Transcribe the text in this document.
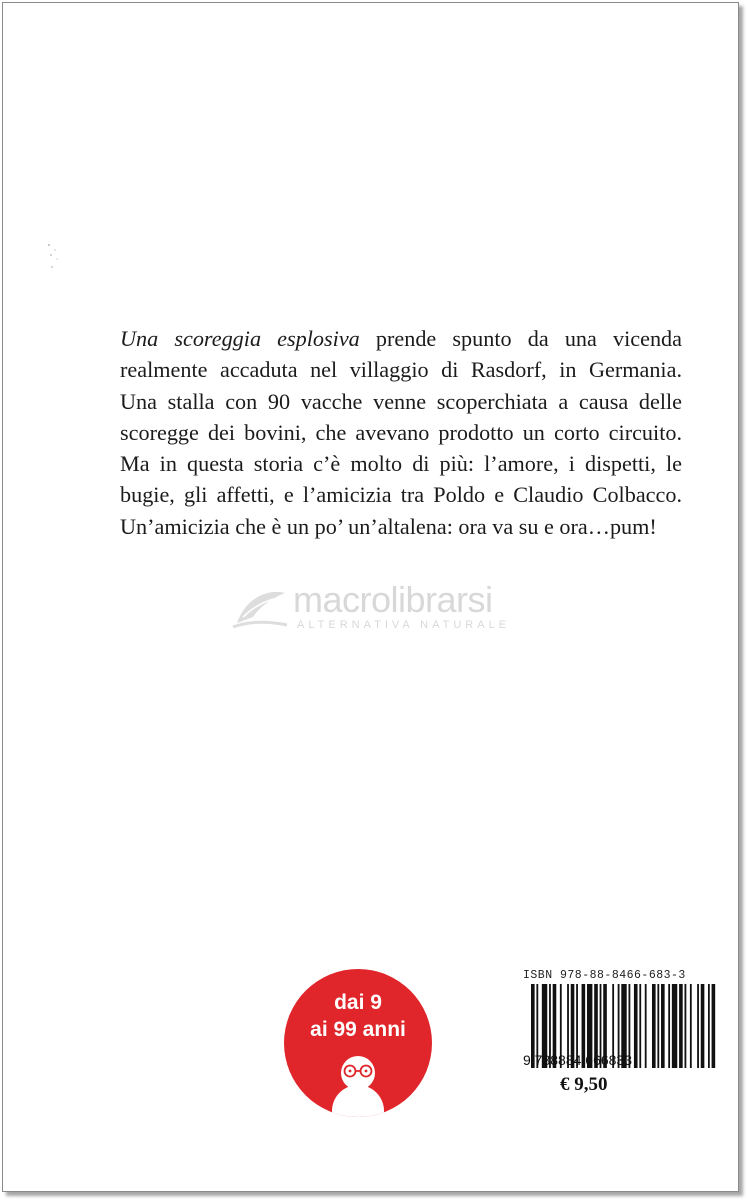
Una scoreggia esplosiva prende spunto da una vicenda
realmente accaduta nel villaggio di Rasdorf, in Germania.
Una stalla con 90 vacche venne scoperchiata a causa delle
scoregge dei bovini, che avevano prodotto un corto circuito.
Ma in questa storia c’è molto di più: l’amore, i dispetti, le
bugie, gli affetti, e l’amicizia tra Poldo e Claudio Colbacco.
Un’amicizia che è un po’ un’altalena: ora va su e ora…pum!
macrolibrarsi
ALTERNATIVA NATURALE
dai 9
ai 99 anni
ISBN 978-88-8466-683-3
9 788884 666833
€ 9,50
